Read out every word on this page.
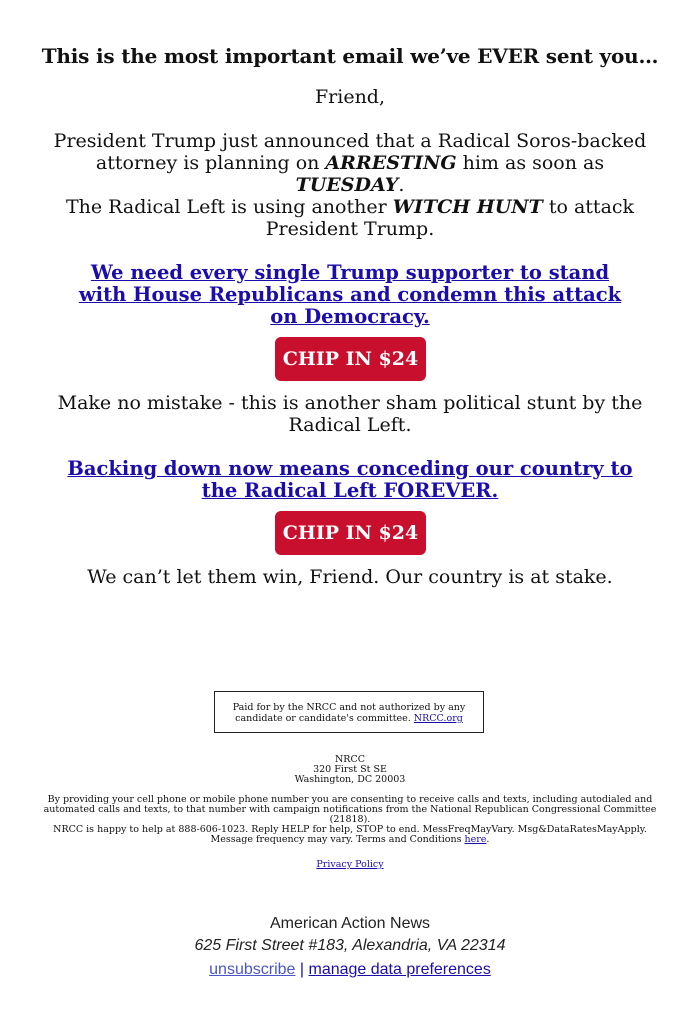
This is the most important email we’ve EVER sent you…
Friend,
President Trump just announced that a Radical Soros-backed attorney is planning on ARRESTING him as soon as TUESDAY.
The Radical Left is using another WITCH HUNT to attack President Trump.
We need every single Trump supporter to stand with House Republicans and condemn this attack on Democracy.
CHIP IN $24
Make no mistake - this is another sham political stunt by the Radical Left.
Backing down now means conceding our country to the Radical Left FOREVER.
CHIP IN $24
We can’t let them win, Friend. Our country is at stake.
Paid for by the NRCC and not authorized by any candidate or candidate's committee. NRCC.org
NRCC
320 First St SE
Washington, DC 20003
By providing your cell phone or mobile phone number you are consenting to receive calls and texts, including autodialed and automated calls and texts, to that number with campaign notifications from the National Republican Congressional Committee (21818).
NRCC is happy to help at 888-606-1023. Reply HELP for help, STOP to end. MessFreqMayVary. Msg&DataRatesMayApply. Message frequency may vary. Terms and Conditions here.
Privacy Policy
American Action News
625 First Street #183, Alexandria, VA 22314
unsubscribe | manage data preferences
